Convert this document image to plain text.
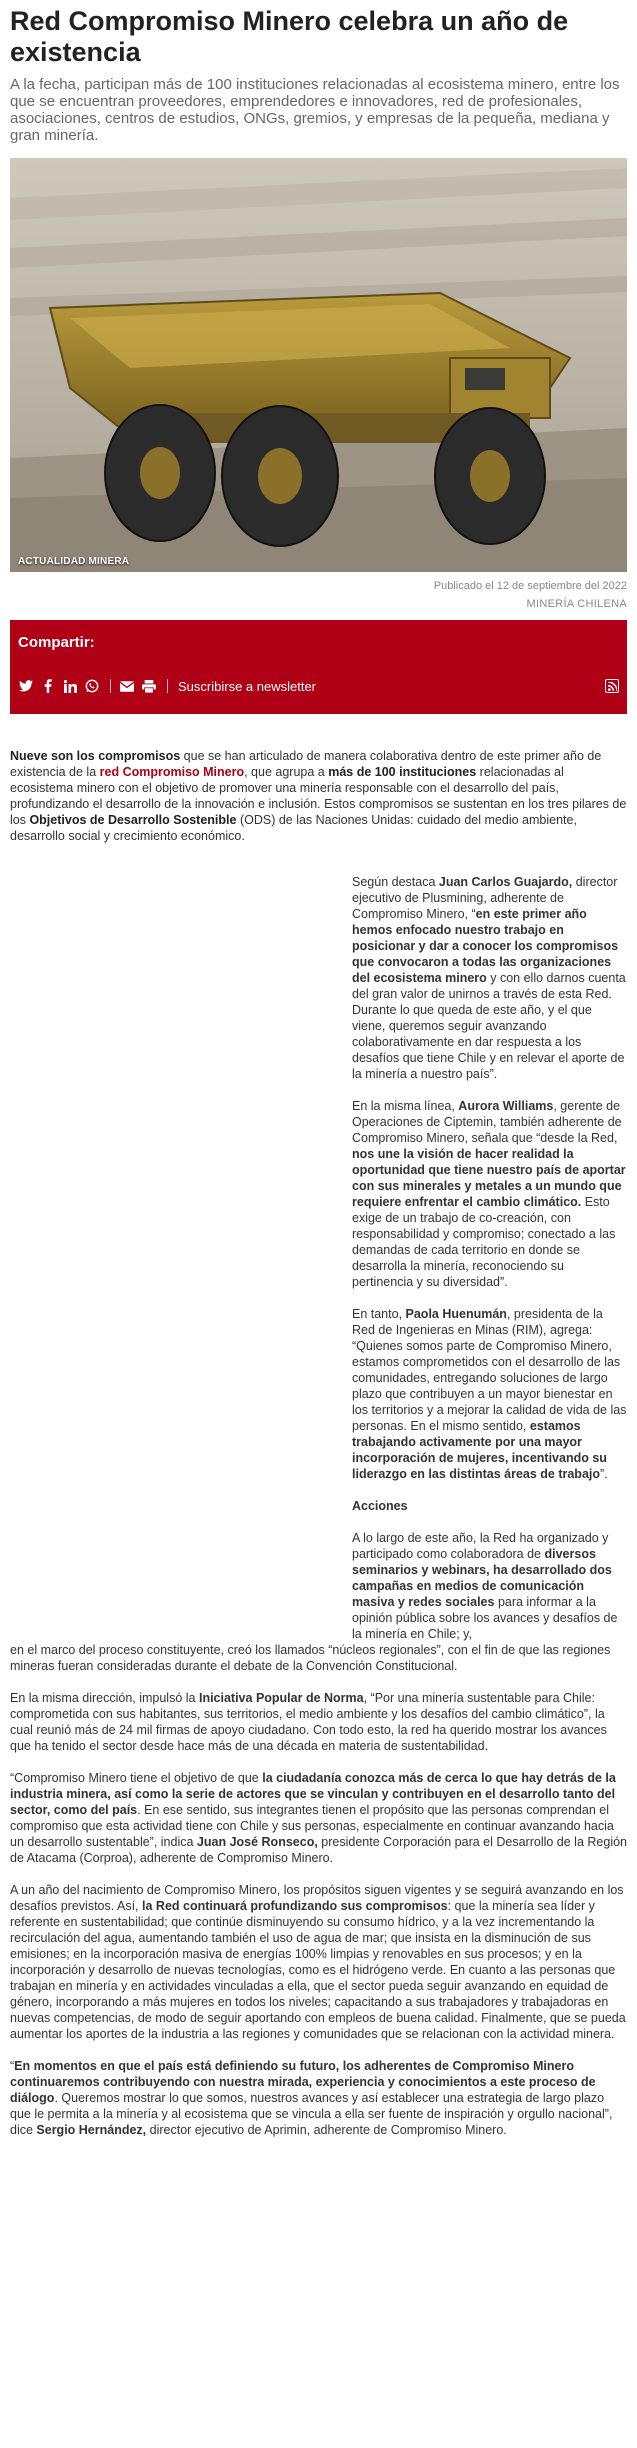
Red Compromiso Minero celebra un año de existencia

A la fecha, participan más de 100 instituciones relacionadas al ecosistema minero, entre los que se encuentran proveedores, emprendedores e innovadores, red de profesionales, asociaciones, centros de estudios, ONGs, gremios, y empresas de la pequeña, mediana y gran minería.

ACTUALIDAD MINERA

Publicado el 12 de septiembre del 2022

MINERÍA CHILENA

Compartir:
Suscribirse a newsletter

Nueve son los compromisos que se han articulado de manera colaborativa dentro de este primer año de existencia de la red Compromiso Minero, que agrupa a más de 100 instituciones relacionadas al ecosistema minero con el objetivo de promover una minería responsable con el desarrollo del país, profundizando el desarrollo de la innovación e inclusión. Estos compromisos se sustentan en los tres pilares de los Objetivos de Desarrollo Sostenible (ODS) de las Naciones Unidas: cuidado del medio ambiente, desarrollo social y crecimiento económico.

Según destaca Juan Carlos Guajardo, director ejecutivo de Plusmining, adherente de Compromiso Minero, “en este primer año hemos enfocado nuestro trabajo en posicionar y dar a conocer los compromisos que convocaron a todas las organizaciones del ecosistema minero y con ello darnos cuenta del gran valor de unirnos a través de esta Red. Durante lo que queda de este año, y el que viene, queremos seguir avanzando colaborativamente en dar respuesta a los desafíos que tiene Chile y en relevar el aporte de la minería a nuestro país”.

En la misma línea, Aurora Williams, gerente de Operaciones de Ciptemin, también adherente de Compromiso Minero, señala que “desde la Red, nos une la visión de hacer realidad la oportunidad que tiene nuestro país de aportar con sus minerales y metales a un mundo que requiere enfrentar el cambio climático. Esto exige de un trabajo de co-creación, con responsabilidad y compromiso; conectado a las demandas de cada territorio en donde se desarrolla la minería, reconociendo su pertinencia y su diversidad”.

En tanto, Paola Huenumán, presidenta de la Red de Ingenieras en Minas (RIM), agrega: “Quienes somos parte de Compromiso Minero, estamos comprometidos con el desarrollo de las comunidades, entregando soluciones de largo plazo que contribuyen a un mayor bienestar en los territorios y a mejorar la calidad de vida de las personas. En el mismo sentido, estamos trabajando activamente por una mayor incorporación de mujeres, incentivando su liderazgo en las distintas áreas de trabajo”.

Acciones

A lo largo de este año, la Red ha organizado y participado como colaboradora de diversos seminarios y webinars, ha desarrollado dos campañas en medios de comunicación masiva y redes sociales para informar a la opinión pública sobre los avances y desafíos de la minería en Chile; y,

en el marco del proceso constituyente, creó los llamados “núcleos regionales”, con el fin de que las regiones mineras fueran consideradas durante el debate de la Convención Constitucional.

En la misma dirección, impulsó la Iniciativa Popular de Norma, “Por una minería sustentable para Chile: comprometida con sus habitantes, sus territorios, el medio ambiente y los desafíos del cambio climático”, la cual reunió más de 24 mil firmas de apoyo ciudadano. Con todo esto, la red ha querido mostrar los avances que ha tenido el sector desde hace más de una década en materia de sustentabilidad.

“Compromiso Minero tiene el objetivo de que la ciudadanía conozca más de cerca lo que hay detrás de la industria minera, así como la serie de actores que se vinculan y contribuyen en el desarrollo tanto del sector, como del país. En ese sentido, sus integrantes tienen el propósito que las personas comprendan el compromiso que esta actividad tiene con Chile y sus personas, especialmente en continuar avanzando hacia un desarrollo sustentable”, indica Juan José Ronseco, presidente Corporación para el Desarrollo de la Región de Atacama (Corproa), adherente de Compromiso Minero.

A un año del nacimiento de Compromiso Minero, los propósitos siguen vigentes y se seguirá avanzando en los desafíos previstos. Así, la Red continuará profundizando sus compromisos: que la minería sea líder y referente en sustentabilidad; que continúe disminuyendo su consumo hídrico, y a la vez incrementando la recirculación del agua, aumentando también el uso de agua de mar; que insista en la disminución de sus emisiones; en la incorporación masiva de energías 100% limpias y renovables en sus procesos; y en la incorporación y desarrollo de nuevas tecnologías, como es el hidrógeno verde. En cuanto a las personas que trabajan en minería y en actividades vinculadas a ella, que el sector pueda seguir avanzando en equidad de género, incorporando a más mujeres en todos los niveles; capacitando a sus trabajadores y trabajadoras en nuevas competencias, de modo de seguir aportando con empleos de buena calidad. Finalmente, que se pueda aumentar los aportes de la industria a las regiones y comunidades que se relacionan con la actividad minera.

“En momentos en que el país está definiendo su futuro, los adherentes de Compromiso Minero continuaremos contribuyendo con nuestra mirada, experiencia y conocimientos a este proceso de diálogo. Queremos mostrar lo que somos, nuestros avances y así establecer una estrategia de largo plazo que le permita a la minería y al ecosistema que se vincula a ella ser fuente de inspiración y orgullo nacional”, dice Sergio Hernández, director ejecutivo de Aprimin, adherente de Compromiso Minero.
